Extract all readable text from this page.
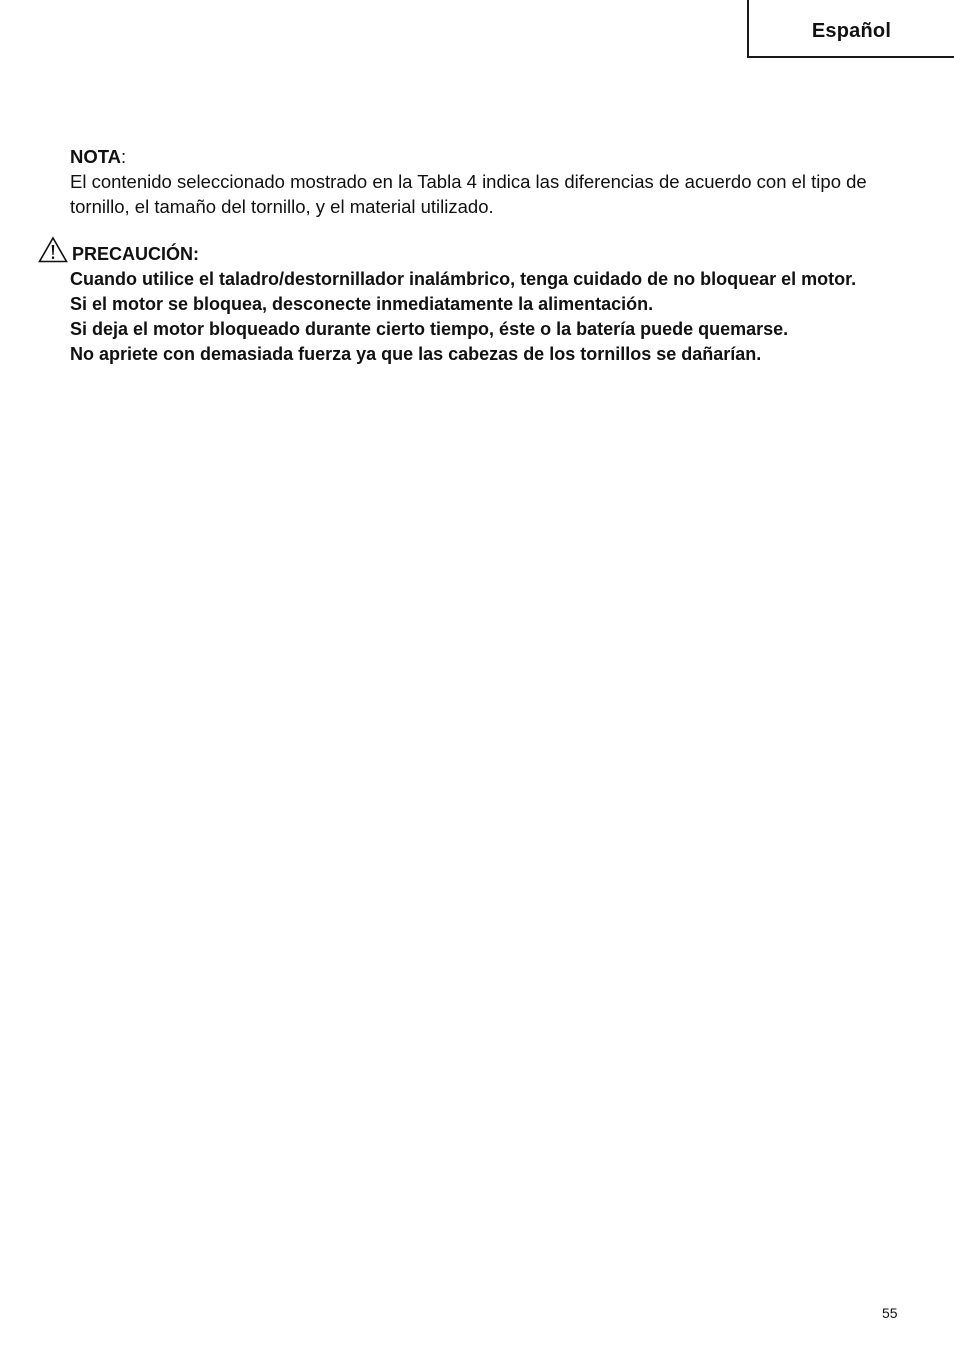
Español
NOTA:

El contenido seleccionado mostrado en la Tabla 4 indica las diferencias de acuerdo con el tipo de tornillo, el tamaño del tornillo, y el material utilizado.

PRECAUCIÓN:

Cuando utilice el taladro/destornillador inalámbrico, tenga cuidado de no bloquear el motor.

Si el motor se bloquea, desconecte inmediatamente la alimentación.

Si deja el motor bloqueado durante cierto tiempo, éste o la batería puede quemarse.

No apriete con demasiada fuerza ya que las cabezas de los tornillos se dañarían.

55
